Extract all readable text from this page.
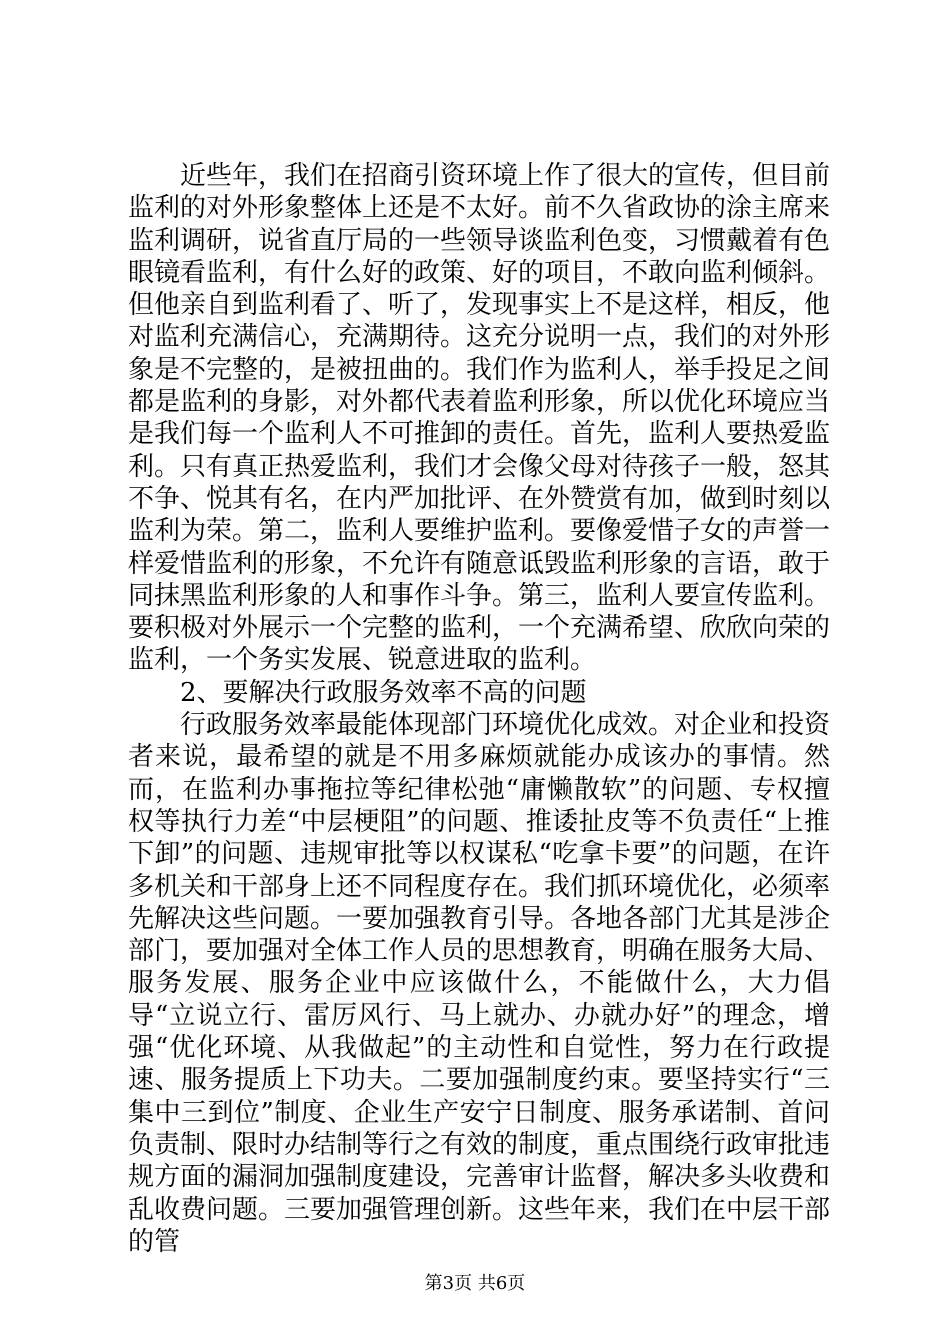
近些年，我们在招商引资环境上作了很大的宣传，但目前监利的对外形象整体上还是不太好。前不久省政协的涂主席来监利调研，说省直厅局的一些领导谈监利色变，习惯戴着有色眼镜看监利，有什么好的政策、好的项目，不敢向监利倾斜。但他亲自到监利看了、听了，发现事实上不是这样，相反，他对监利充满信心，充满期待。这充分说明一点，我们的对外形象是不完整的，是被扭曲的。我们作为监利人，举手投足之间都是监利的身影，对外都代表着监利形象，所以优化环境应当是我们每一个监利人不可推卸的责任。首先，监利人要热爱监利。只有真正热爱监利，我们才会像父母对待孩子一般，怒其不争、悦其有名，在内严加批评、在外赞赏有加，做到时刻以监利为荣。第二，监利人要维护监利。要像爱惜子女的声誉一样爱惜监利的形象，不允许有随意诋毁监利形象的言语，敢于同抹黑监利形象的人和事作斗争。第三，监利人要宣传监利。要积极对外展示一个完整的监利，一个充满希望、欣欣向荣的监利，一个务实发展、锐意进取的监利。

2、要解决行政服务效率不高的问题

行政服务效率最能体现部门环境优化成效。对企业和投资者来说，最希望的就是不用多麻烦就能办成该办的事情。然而，在监利办事拖拉等纪律松弛“庸懒散软”的问题、专权擅权等执行力差“中层梗阻”的问题、推诿扯皮等不负责任“上推下卸”的问题、违规审批等以权谋私“吃拿卡要”的问题，在许多机关和干部身上还不同程度存在。我们抓环境优化，必须率先解决这些问题。一要加强教育引导。各地各部门尤其是涉企部门，要加强对全体工作人员的思想教育，明确在服务大局、服务发展、服务企业中应该做什么，不能做什么，大力倡导“立说立行、雷厉风行、马上就办、办就办好”的理念，增强“优化环境、从我做起”的主动性和自觉性，努力在行政提速、服务提质上下功夫。二要加强制度约束。要坚持实行“三集中三到位”制度、企业生产安宁日制度、服务承诺制、首问负责制、限时办结制等行之有效的制度，重点围绕行政审批违规方面的漏洞加强制度建设，完善审计监督，解决多头收费和乱收费问题。三要加强管理创新。这些年来，我们在中层干部的管

第3页 共6页
